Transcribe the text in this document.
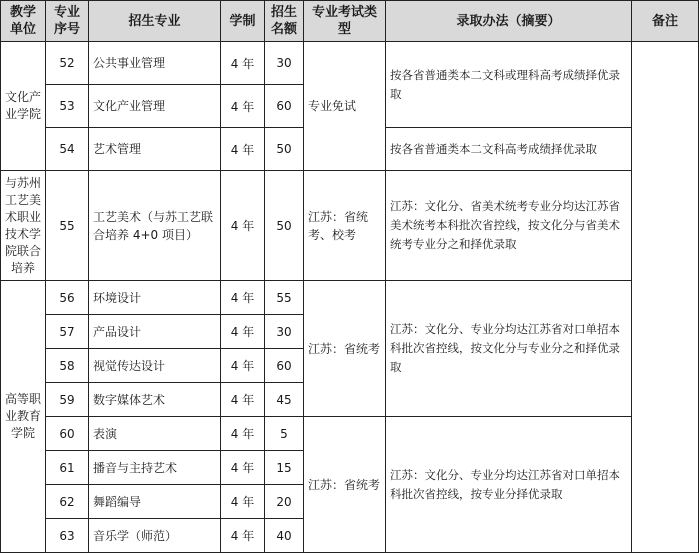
教学单位	专业序号	招生专业	学制	招生名额	专业考试类型	录取办法（摘要）	备注
文化产业学院	52	公共事业管理	4 年	30	专业免试	按各省普通类本二文科或理科高考成绩择优录取	
	53	文化产业管理	4 年	60			
	54	艺术管理	4 年	50		按各省普通类本二文科高考成绩择优录取	
与苏州工艺美术职业技术学院联合培养	55	工艺美术（与苏工艺联合培养 4+0 项目）	4 年	50	江苏：省统考、校考	江苏：文化分、省美术统考专业分均达江苏省美术统考本科批次省控线，按文化分与省美术统考专业分之和择优录取	
高等职业教育学院	56	环境设计	4 年	55	江苏：省统考	江苏：文化分、专业分均达江苏省对口单招本科批次省控线，按文化分与专业分之和择优录取	
	57	产品设计	4 年	30			
	58	视觉传达设计	4 年	60			
	59	数字媒体艺术	4 年	45			
	60	表演	4 年	5	江苏：省统考	江苏：文化分、专业分均达江苏省对口单招本科批次省控线，按专业分择优录取	
	61	播音与主持艺术	4 年	15			
	62	舞蹈编导	4 年	20			
	63	音乐学（师范）	4 年	40			
